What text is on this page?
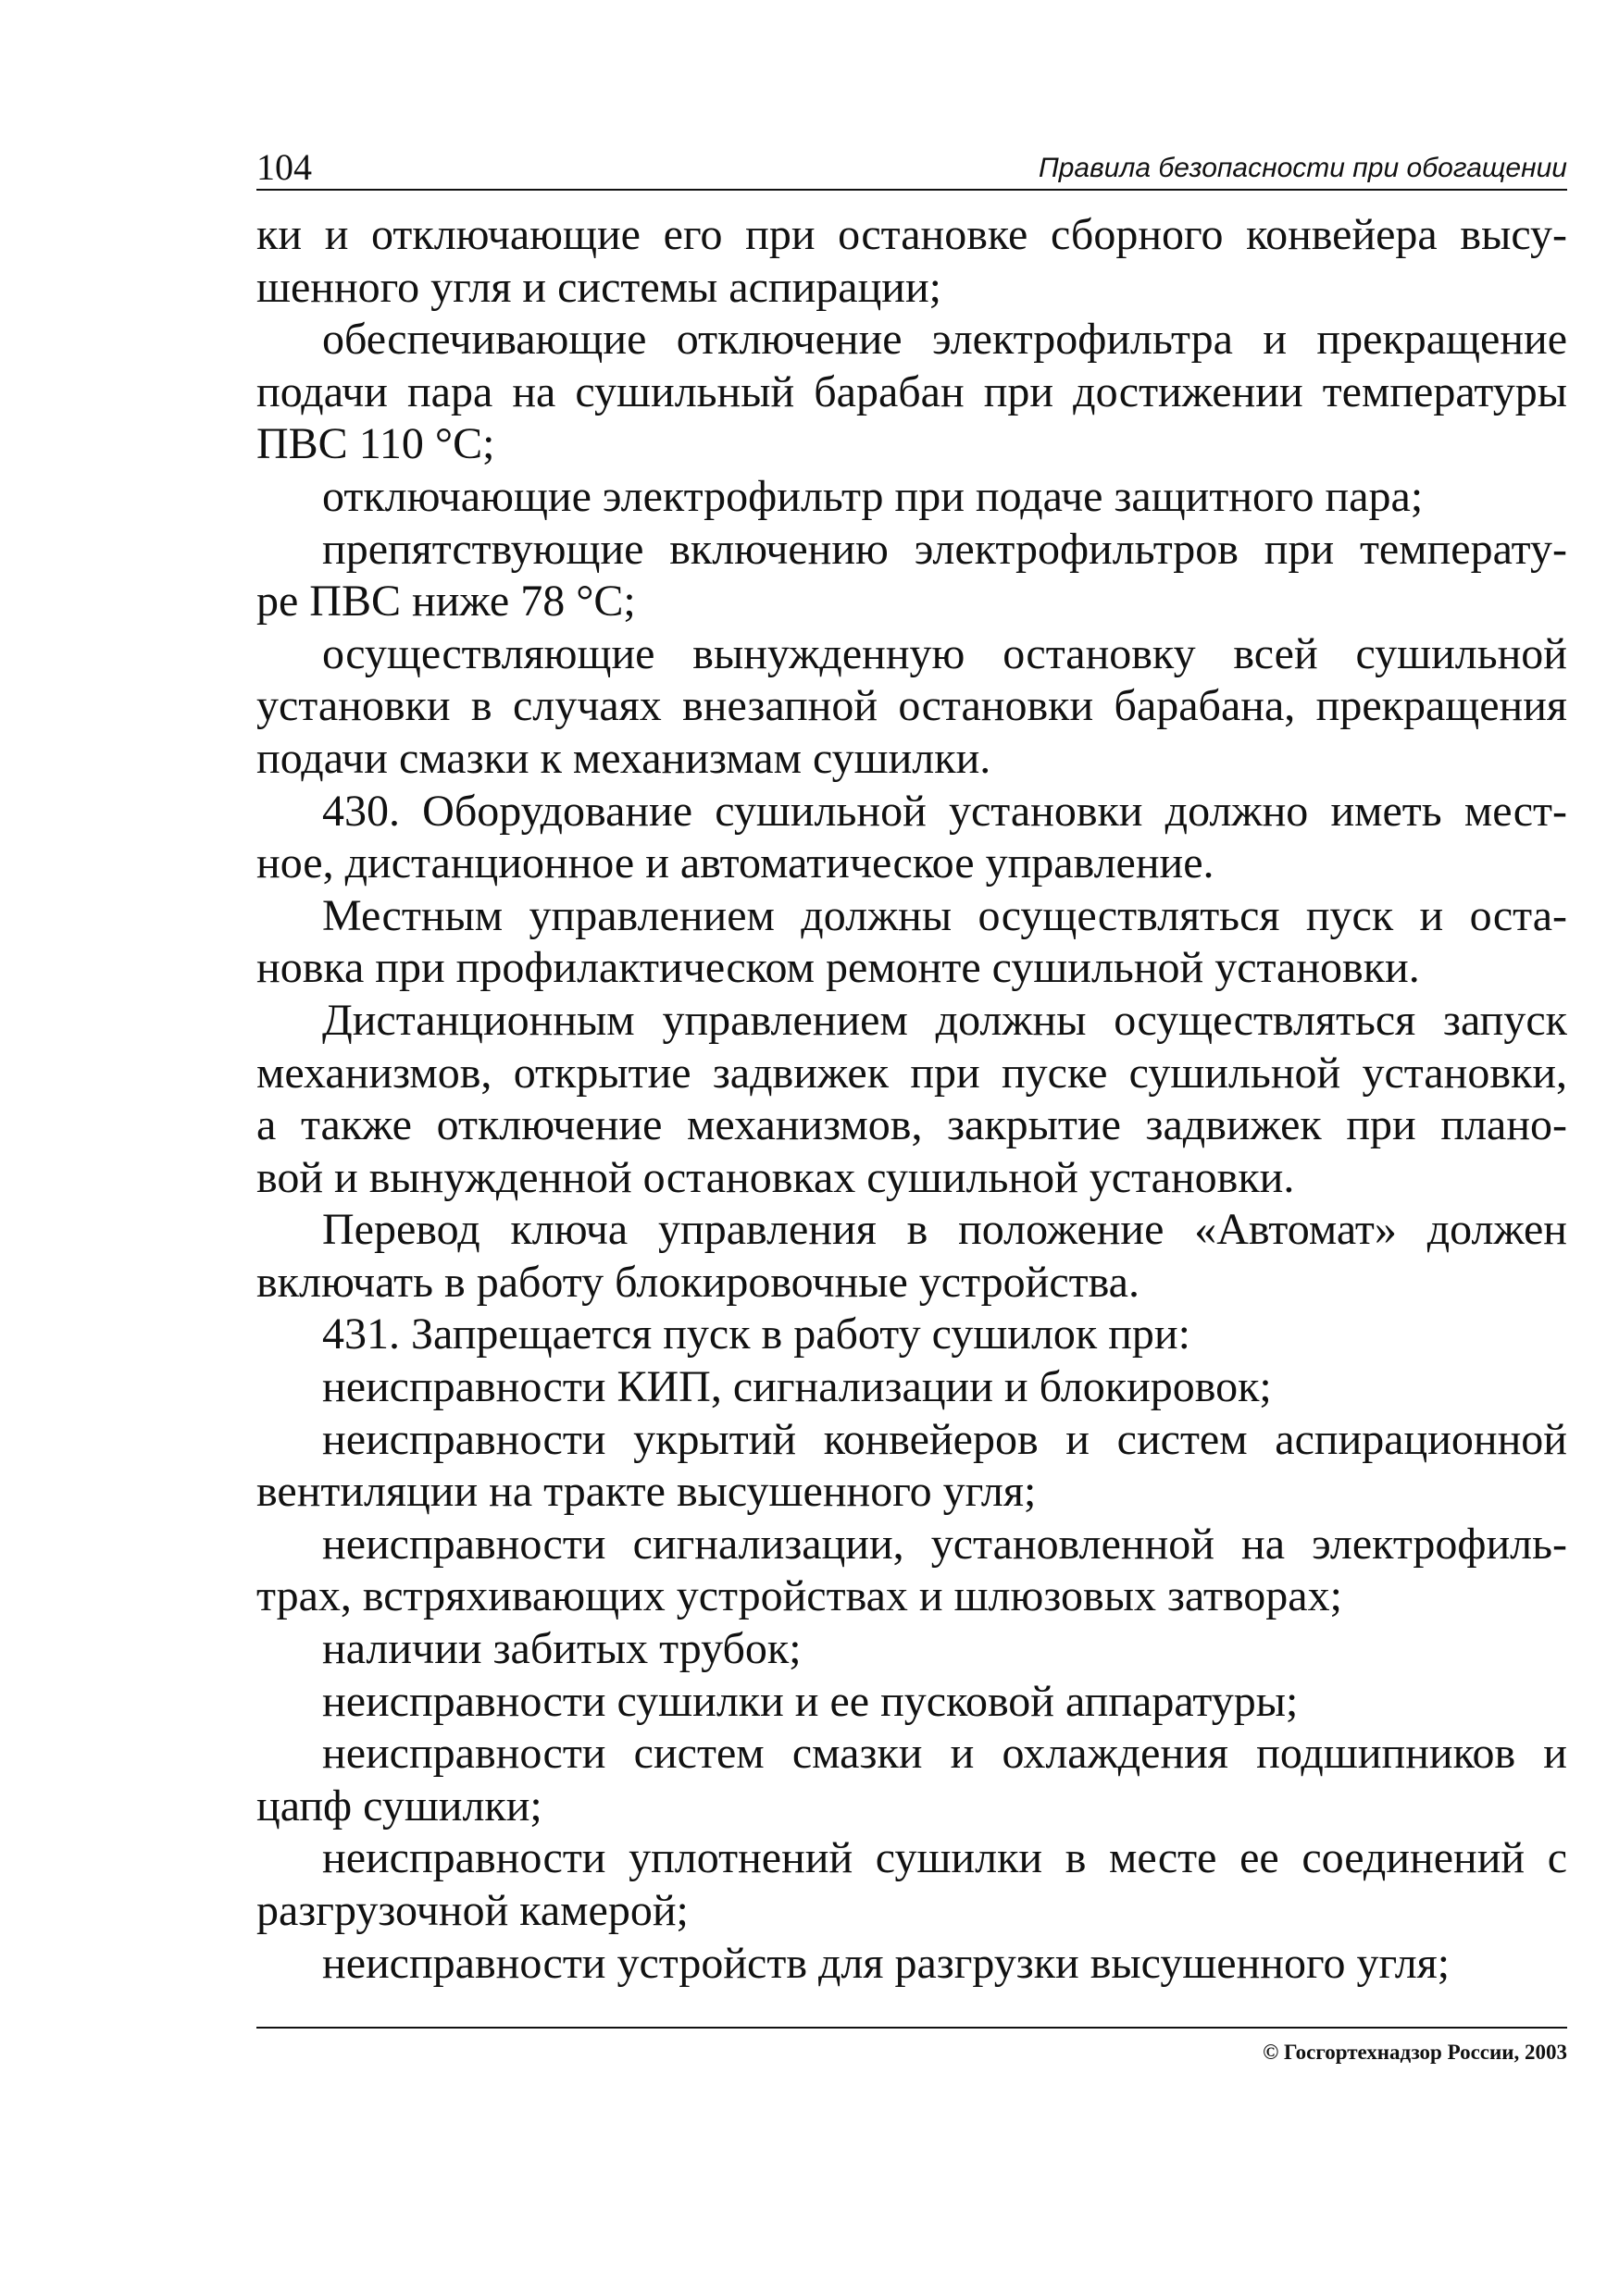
104	Правила безопасности при обогащении
ки и отключающие его при остановке сборного конвейера высу-
шенного угля и системы аспирации;
обеспечивающие отключение электрофильтра и прекращение
подачи пара на сушильный барабан при достижении температуры
ПВС 110 °С;
отключающие электрофильтр при подаче защитного пара;
препятствующие включению электрофильтров при температу-
ре ПВС ниже 78 °С;
осуществляющие вынужденную остановку всей сушильной
установки в случаях внезапной остановки барабана, прекращения
подачи смазки к механизмам сушилки.
430. Оборудование сушильной установки должно иметь мест-
ное, дистанционное и автоматическое управление.
Местным управлением должны осуществляться пуск и оста-
новка при профилактическом ремонте сушильной установки.
Дистанционным управлением должны осуществляться запуск
механизмов, открытие задвижек при пуске сушильной установки,
а также отключение механизмов, закрытие задвижек при плано-
вой и вынужденной остановках сушильной установки.
Перевод ключа управления в положение «Автомат» должен
включать в работу блокировочные устройства.
431. Запрещается пуск в работу сушилок при:
неисправности КИП, сигнализации и блокировок;
неисправности укрытий конвейеров и систем аспирационной
вентиляции на тракте высушенного угля;
неисправности сигнализации, установленной на электрофиль-
трах, встряхивающих устройствах и шлюзовых затворах;
наличии забитых трубок;
неисправности сушилки и ее пусковой аппаратуры;
неисправности систем смазки и охлаждения подшипников и
цапф сушилки;
неисправности уплотнений сушилки в месте ее соединений с
разгрузочной камерой;
неисправности устройств для разгрузки высушенного угля;
© Госгортехнадзор России, 2003
